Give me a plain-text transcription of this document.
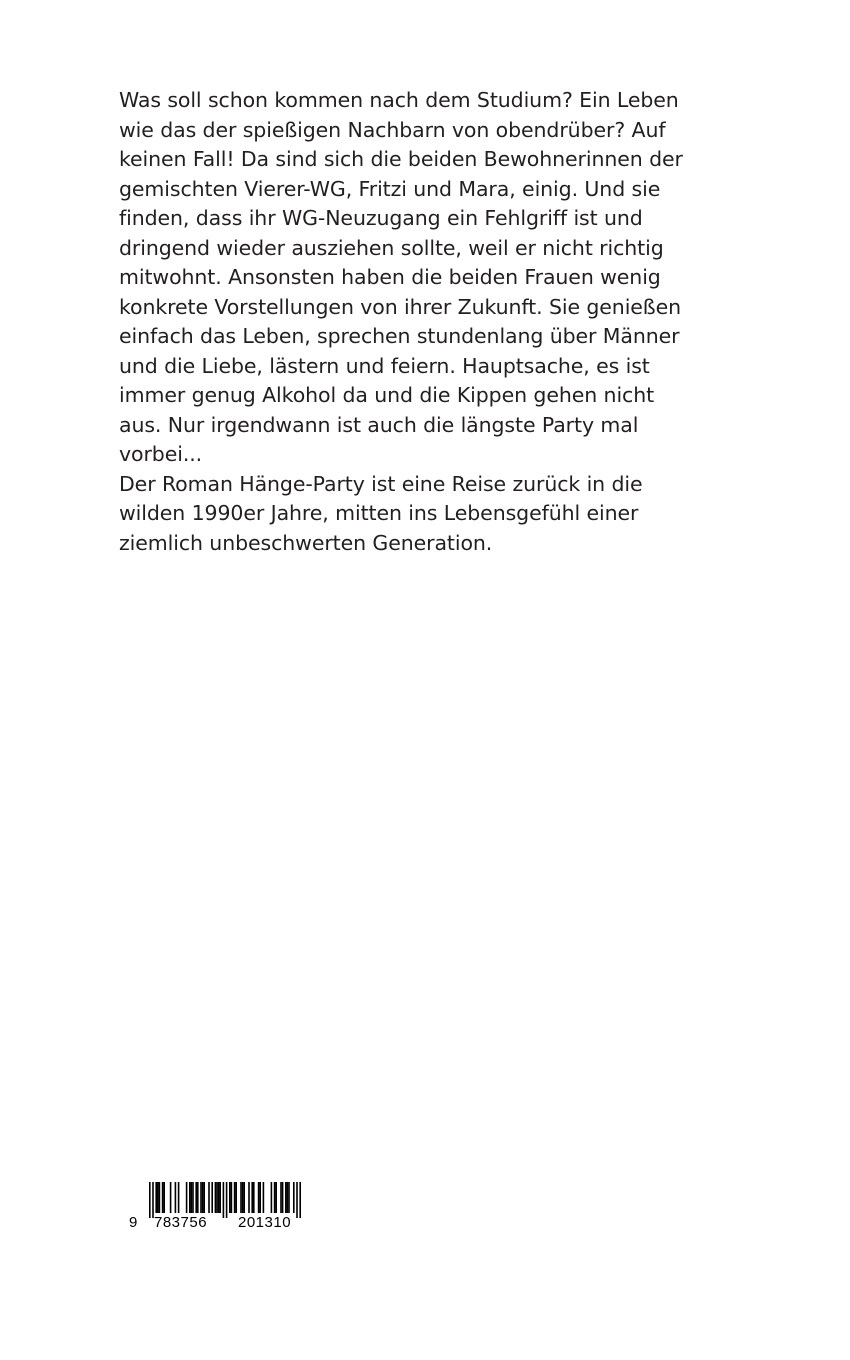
Was soll schon kommen nach dem Studium? Ein Leben
wie das der spießigen Nachbarn von obendrüber? Auf
keinen Fall! Da sind sich die beiden Bewohnerinnen der
gemischten Vierer-WG, Fritzi und Mara, einig. Und sie
finden, dass ihr WG-Neuzugang ein Fehlgriff ist und
dringend wieder ausziehen sollte, weil er nicht richtig
mitwohnt. Ansonsten haben die beiden Frauen wenig
konkrete Vorstellungen von ihrer Zukunft. Sie genießen
einfach das Leben, sprechen stundenlang über Männer
und die Liebe, lästern und feiern. Hauptsache, es ist
immer genug Alkohol da und die Kippen gehen nicht
aus. Nur irgendwann ist auch die längste Party mal
vorbei...
Der Roman Hänge-Party ist eine Reise zurück in die
wilden 1990er Jahre, mitten ins Lebensgefühl einer
ziemlich unbeschwerten Generation.
9 783756 201310
